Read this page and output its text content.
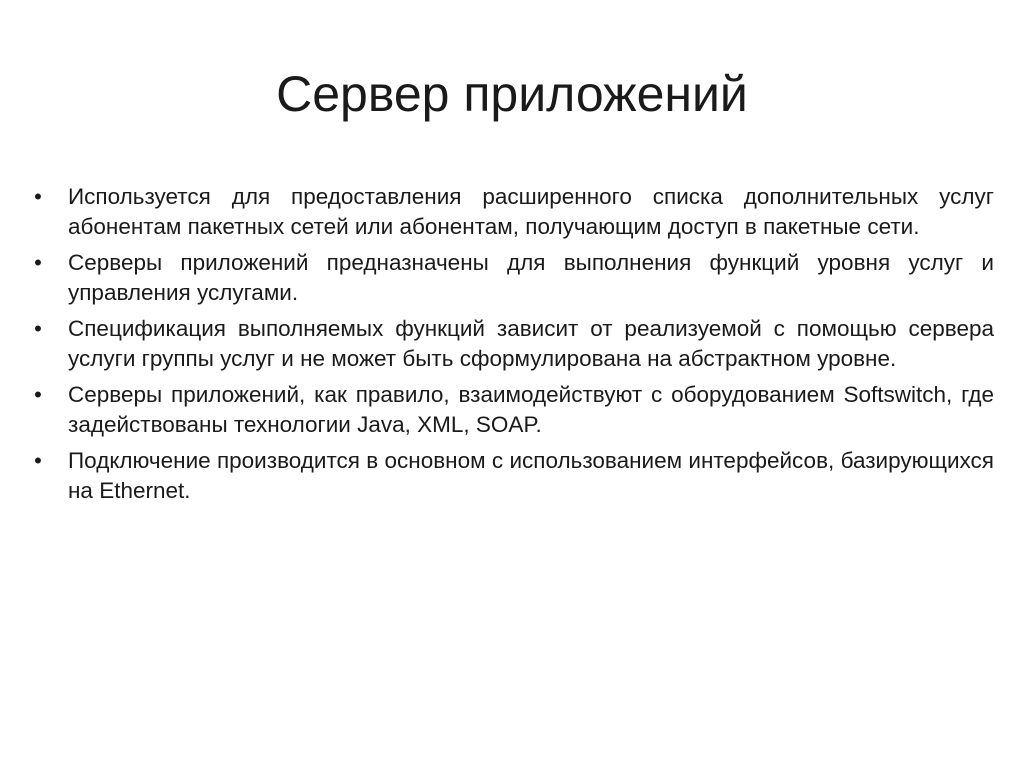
Сервер приложений
• Используется для предоставления расширенного списка дополнительных услуг абонентам пакетных сетей или абонентам, получающим доступ в пакетные сети.
• Серверы приложений предназначены для выполнения функций уровня услуг и управления услугами.
• Спецификация выполняемых функций зависит от реализуемой с помощью сервера услуги группы услуг и не может быть сформулирована на абстрактном уровне.
• Серверы приложений, как правило, взаимодействуют с оборудованием Softswitch, где задействованы технологии Java, XML, SOAP.
• Подключение производится в основном с использованием интерфейсов, базирующихся на Ethernet.
